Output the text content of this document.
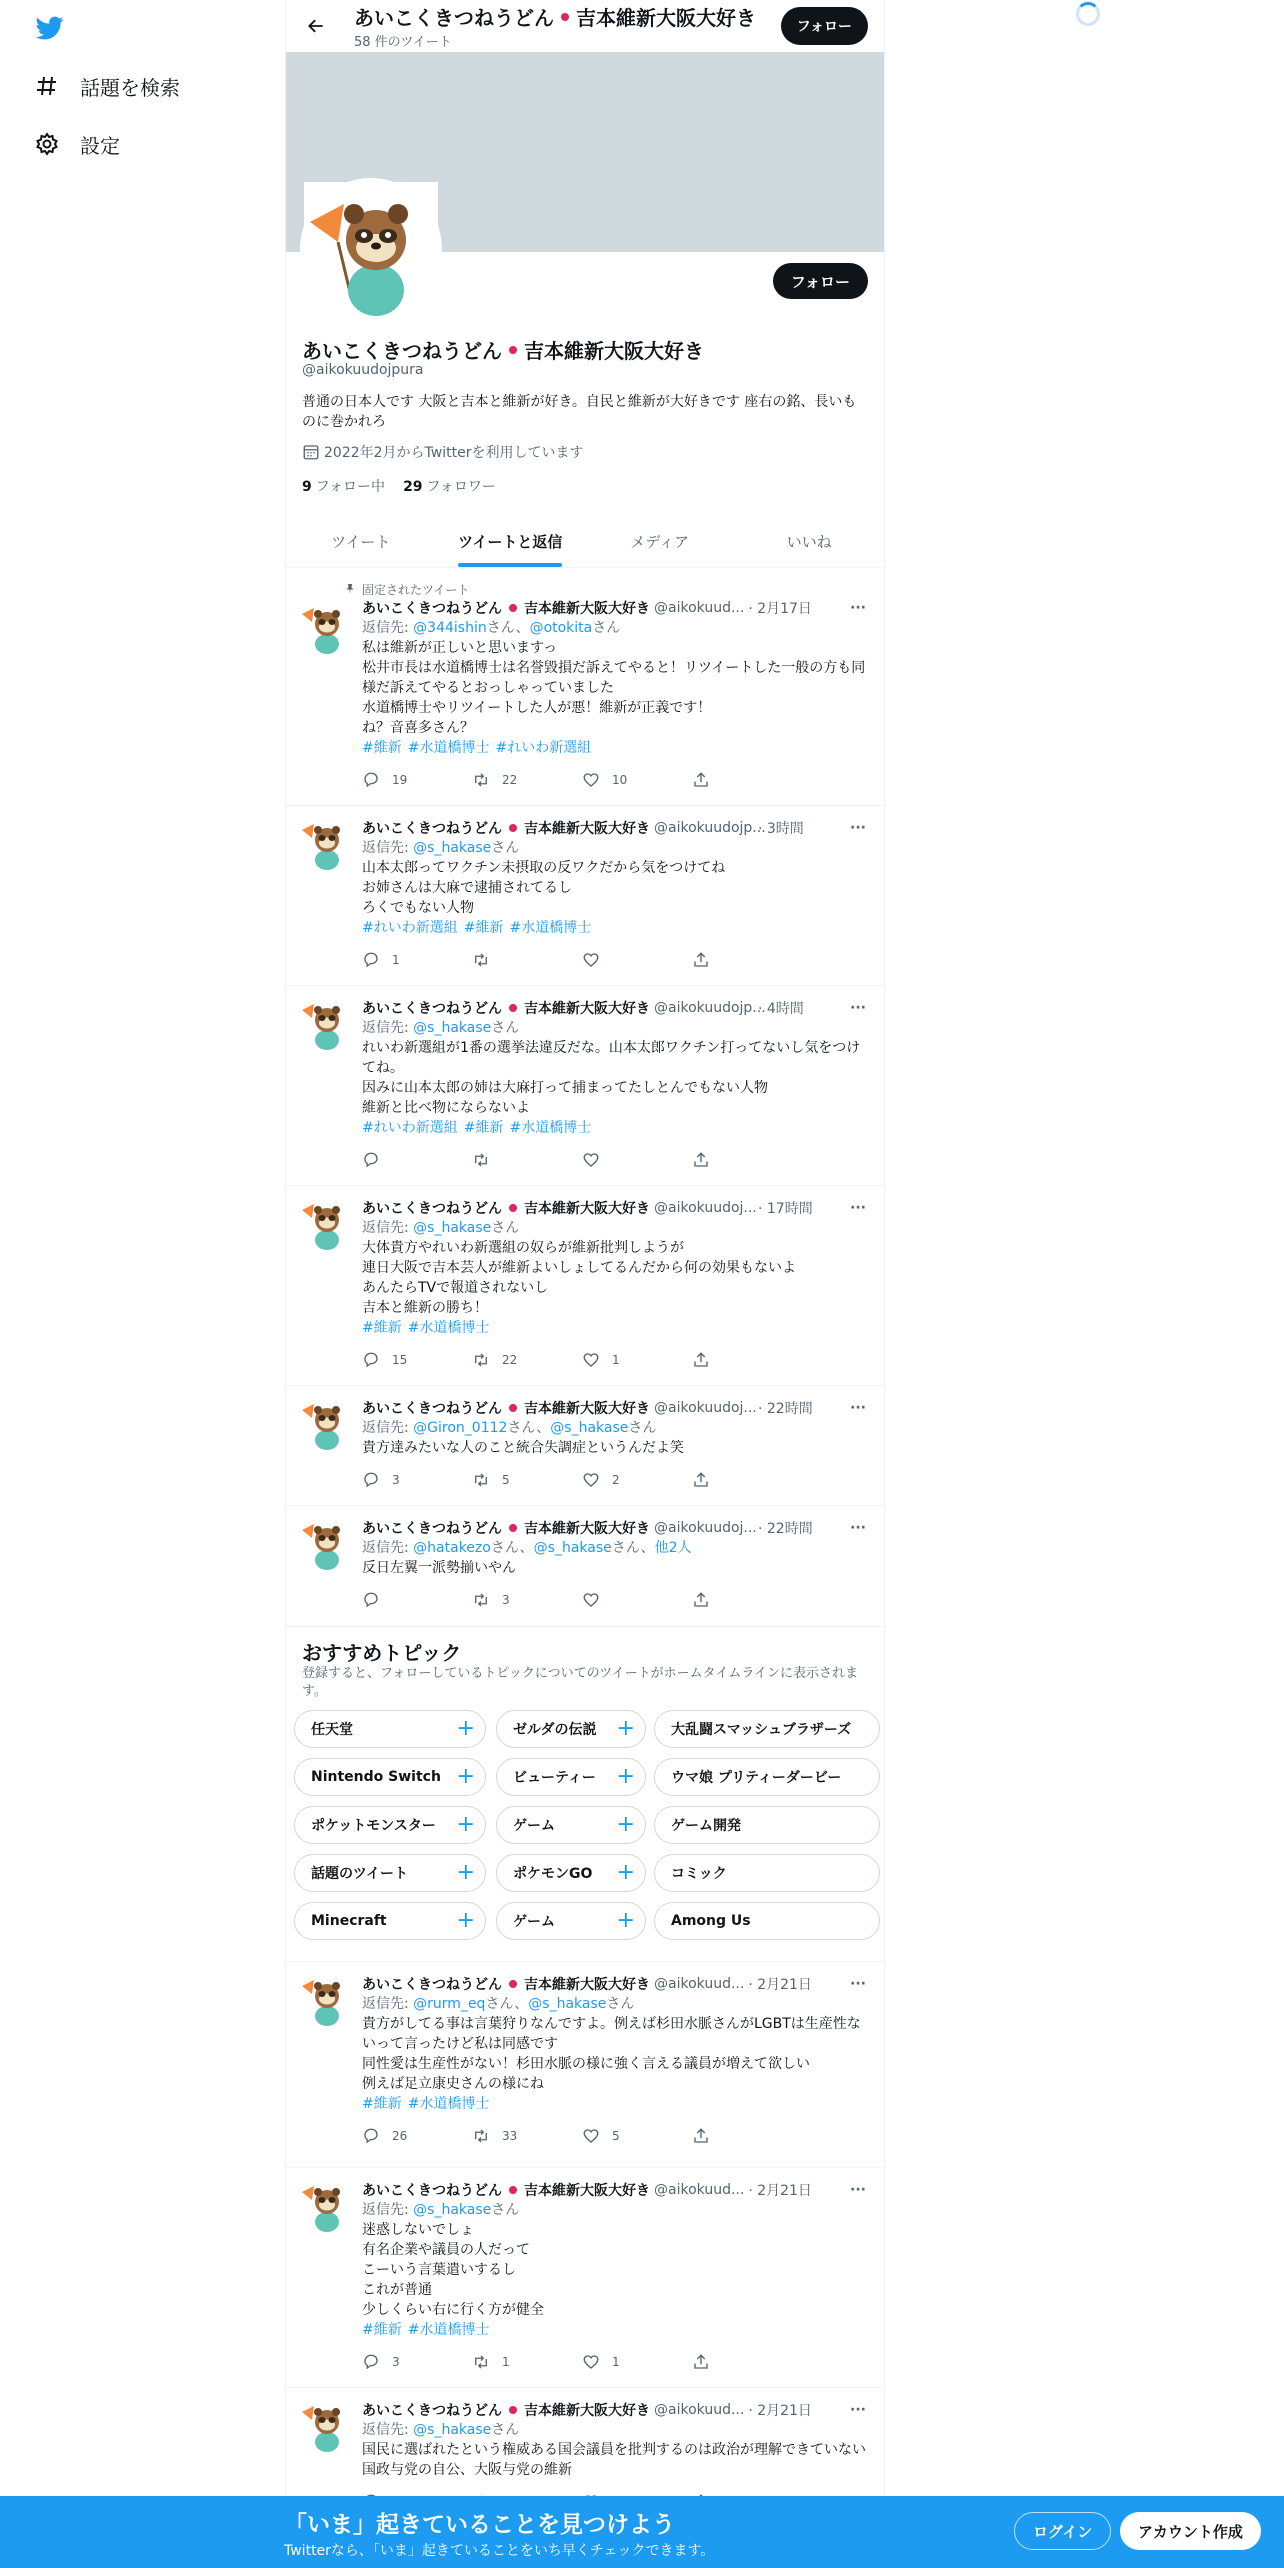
話題を検索
設定
あいこくきつねうどん 吉本維新大阪大好き
58 件のツイート
フォロー
フォロー
あいこくきつねうどん 吉本維新大阪大好き
@aikokuudojpura
普通の日本人です 大阪と吉本と維新が好き。自民と維新が大好きです 座右の銘、長いものに巻かれろ
2022年2月からTwitterを利用しています
9 フォロー中 29 フォロワー
ツイート	ツイートと返信	メディア	いいね
固定されたツイート
あいこくきつねうどん 吉本維新大阪大好き @aikokuud... · 2月17日	···
返信先: @344ishinさん、@otokitaさん
私は維新が正しいと思いますっ
松井市長は水道橋博士は名誉毀損だ訴えてやると！リツイートした一般の方も同様だ訴えてやるとおっしゃっていました
水道橋博士やリツイートした人が悪！維新が正義です！
ね？音喜多さん？
#維新 #水道橋博士 #れいわ新選組
19	22	10
あいこくきつねうどん 吉本維新大阪大好き @aikokuudojp...
· 3時間	···
返信先: @s_hakaseさん
山本太郎ってワクチン未摂取の反ワクだから気をつけてね
お姉さんは大麻で逮捕されてるし
ろくでもない人物
#れいわ新選組 #維新 #水道橋博士
1
あいこくきつねうどん 吉本維新大阪大好き @aikokuudojp...
· 4時間	···
返信先: @s_hakaseさん
れいわ新選組が1番の選挙法違反だな。山本太郎ワクチン打ってないし気をつけてね。
因みに山本太郎の姉は大麻打って捕まってたしとんでもない人物
維新と比べ物にならないよ
#れいわ新選組 #維新 #水道橋博士
あいこくきつねうどん 吉本維新大阪大好き @aikokuudoj... · 17時間	···
返信先: @s_hakaseさん
大体貴方やれいわ新選組の奴らが維新批判しようが
連日大阪で吉本芸人が維新よいしょしてるんだから何の効果もないよ
あんたらTVで報道されないし
吉本と維新の勝ち！
#維新 #水道橋博士
15	22	1
あいこくきつねうどん 吉本維新大阪大好き @aikokuudoj... · 22時間	···
返信先: @Giron_0112さん、@s_hakaseさん
貴方達みたいな人のこと統合失調症というんだよ笑
3	5	2
あいこくきつねうどん 吉本維新大阪大好き @aikokuudoj... · 22時間	···
返信先: @hatakezoさん、@s_hakaseさん、他2人
反日左翼一派勢揃いやん
3
あいこくきつねうどん 吉本維新大阪大好き @aikokuud... · 2月21日	···
返信先: @rurm_eqさん、@s_hakaseさん
貴方がしてる事は言葉狩りなんですよ。例えば杉田水脈さんがLGBTは生産性ないって言ったけど私は同感です
同性愛は生産性がない！杉田水脈の様に強く言える議員が増えて欲しい
例えば足立康史さんの様にね
#維新 #水道橋博士
26	33	5
あいこくきつねうどん 吉本維新大阪大好き @aikokuud... · 2月21日	···
返信先: @s_hakaseさん
迷惑しないでしょ
有名企業や議員の人だって
こーいう言葉遣いするし
これが普通
少しくらい右に行く方が健全
#維新 #水道橋博士
3	1	1
あいこくきつねうどん 吉本維新大阪大好き @aikokuud... · 2月21日	···
返信先: @s_hakaseさん
国民に選ばれたという権威ある国会議員を批判するのは政治が理解できていない
国政与党の自公、大阪与党の維新
おすすめトピック
登録すると、フォローしているトピックについてのツイートがホームタイムラインに表示されます。
任天堂	+	ゼルダの伝説 +	大乱闘スマッシュブラザーズ
Nintendo Switch +	ビューティー +	ウマ娘 プリティーダービー
ポケットモンスター +	ゲーム	+	ゲーム開発
話題のツイート +	ポケモンGO +	コミック
Minecraft	+	ゲーム	+	Among Us
「いま」起きていることを見つけよう
Twitterなら、「いま」起きていることをいち早くチェックできます。
ログイン	アカウント作成
